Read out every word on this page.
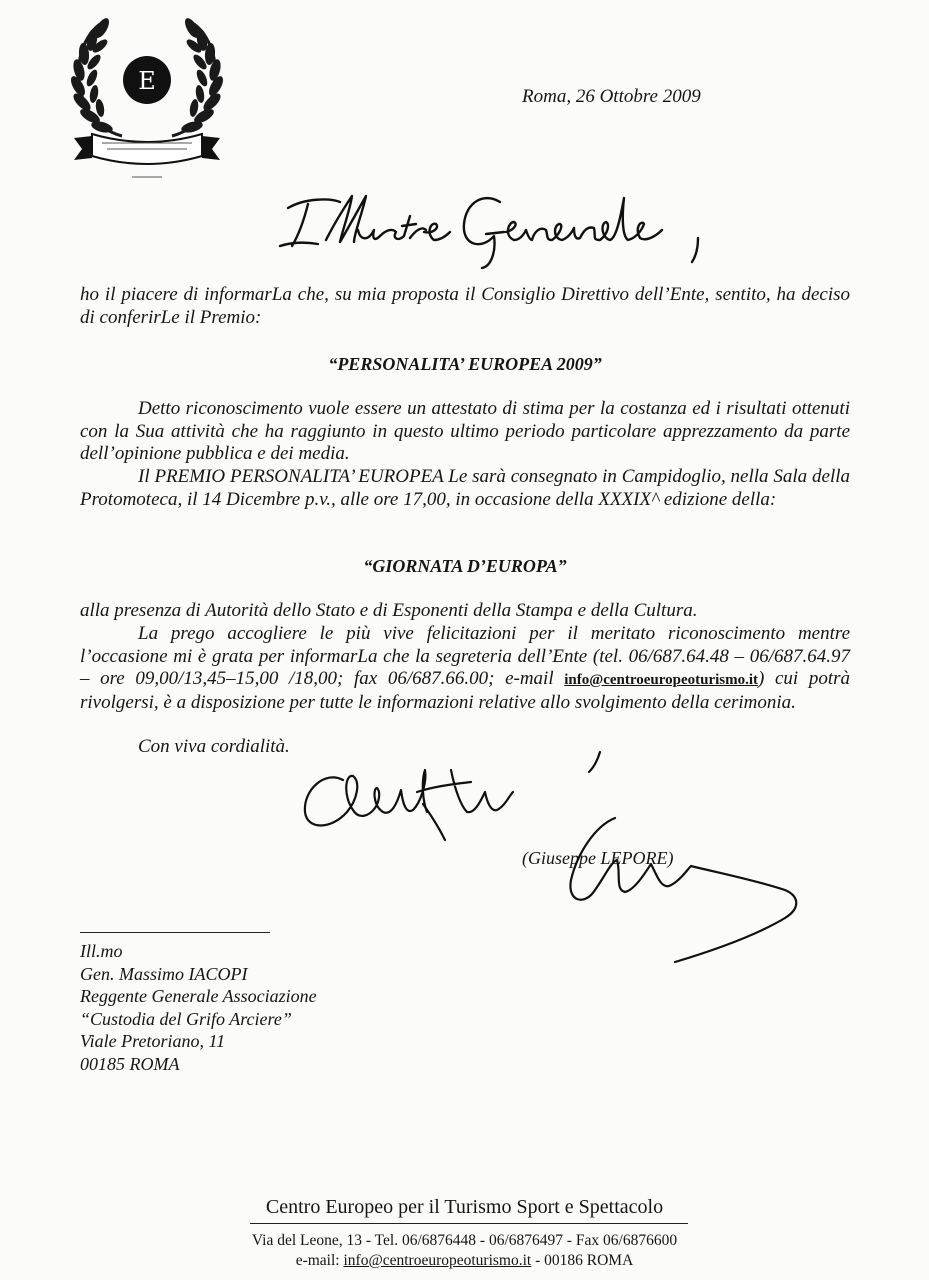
E
Roma, 26 Ottobre 2009

ho il piacere di informarLa che, su mia proposta il Consiglio Direttivo dell’Ente, sentito, ha deciso di conferirLe il Premio:

“PERSONALITA’ EUROPEA 2009”

Detto riconoscimento vuole essere un attestato di stima per la costanza ed i risultati ottenuti con la Sua attività che ha raggiunto in questo ultimo periodo particolare apprezzamento da parte dell’opinione pubblica e dei media.

Il PREMIO PERSONALITA’ EUROPEA Le sarà consegnato in Campidoglio, nella Sala della Protomoteca, il 14 Dicembre p.v., alle ore 17,00, in occasione della XXXIX^ edizione della:

“GIORNATA D’EUROPA”

alla presenza di Autorità dello Stato e di Esponenti della Stampa e della Cultura.

La prego accogliere le più vive felicitazioni per il meritato riconoscimento mentre l’occasione mi è grata per informarLa che la segreteria dell’Ente (tel. 06/687.64.48 – 06/687.64.97 – ore 09,00/13,45–15,00 /18,00; fax 06/687.66.00; e-mail info@centroeuropeoturismo.it) cui potrà rivolgersi, è a disposizione per tutte le informazioni relative allo svolgimento della cerimonia.

Con viva cordialità.

(Giuseppe LEPORE)
Ill.mo
Gen. Massimo IACOPI
Reggente Generale Associazione
“Custodia del Grifo Arciere”
Viale Pretoriano, 11
00185 ROMA
Centro Europeo per il Turismo Sport e Spettacolo
Via del Leone, 13 - Tel. 06/6876448 - 06/6876497 - Fax 06/6876600
e-mail: info@centroeuropeoturismo.it - 00186 ROMA
